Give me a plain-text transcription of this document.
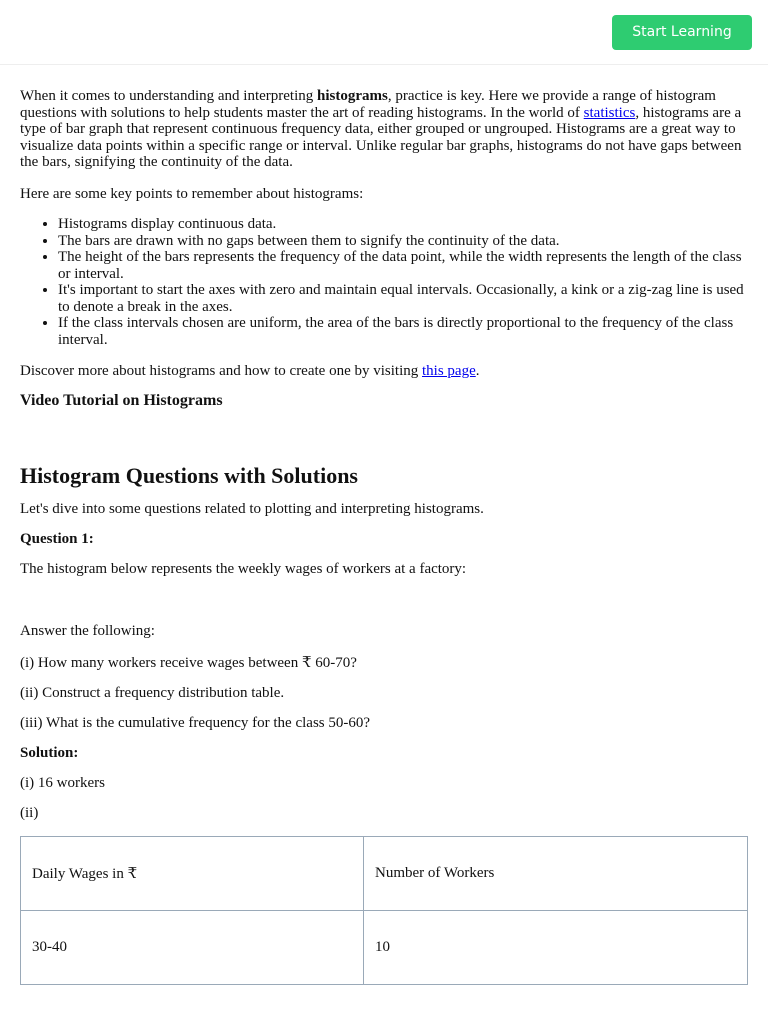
Start Learning

When it comes to understanding and interpreting histograms, practice is key. Here we provide a range of histogram questions with solutions to help students master the art of reading histograms. In the world of statistics, histograms are a type of bar graph that represent continuous frequency data, either grouped or ungrouped. Histograms are a great way to visualize data points within a specific range or interval. Unlike regular bar graphs, histograms do not have gaps between the bars, signifying the continuity of the data.

Here are some key points to remember about histograms:

• Histograms display continuous data.
• The bars are drawn with no gaps between them to signify the continuity of the data.
• The height of the bars represents the frequency of the data point, while the width represents the length of the class or interval.
• It's important to start the axes with zero and maintain equal intervals. Occasionally, a kink or a zig-zag line is used to denote a break in the axes.
• If the class intervals chosen are uniform, the area of the bars is directly proportional to the frequency of the class interval.

Discover more about histograms and how to create one by visiting this page.

Video Tutorial on Histograms
Histogram Questions with Solutions

Let's dive into some questions related to plotting and interpreting histograms.

Question 1:

The histogram below represents the weekly wages of workers at a factory:

Answer the following:

(i) How many workers receive wages between ₹ 60-70?

(ii) Construct a frequency distribution table.

(iii) What is the cumulative frequency for the class 50-60?

Solution:

(i) 16 workers

(ii)

Daily Wages in ₹	Number of Workers
30-40	10
